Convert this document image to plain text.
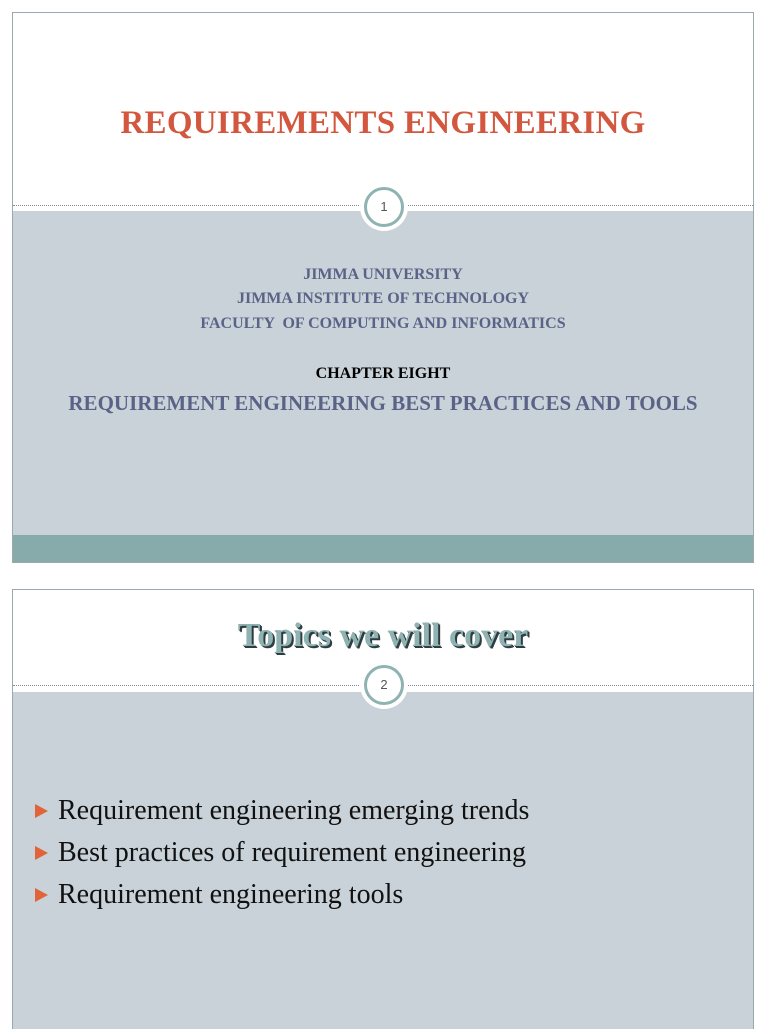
REQUIREMENTS ENGINEERING
1
JIMMA UNIVERSITY
JIMMA INSTITUTE OF TECHNOLOGY
FACULTY  OF COMPUTING AND INFORMATICS
CHAPTER EIGHT
REQUIREMENT ENGINEERING BEST PRACTICES AND TOOLS
Topics we will cover
2
Requirement engineering emerging trends
Best practices of requirement engineering
Requirement engineering tools
